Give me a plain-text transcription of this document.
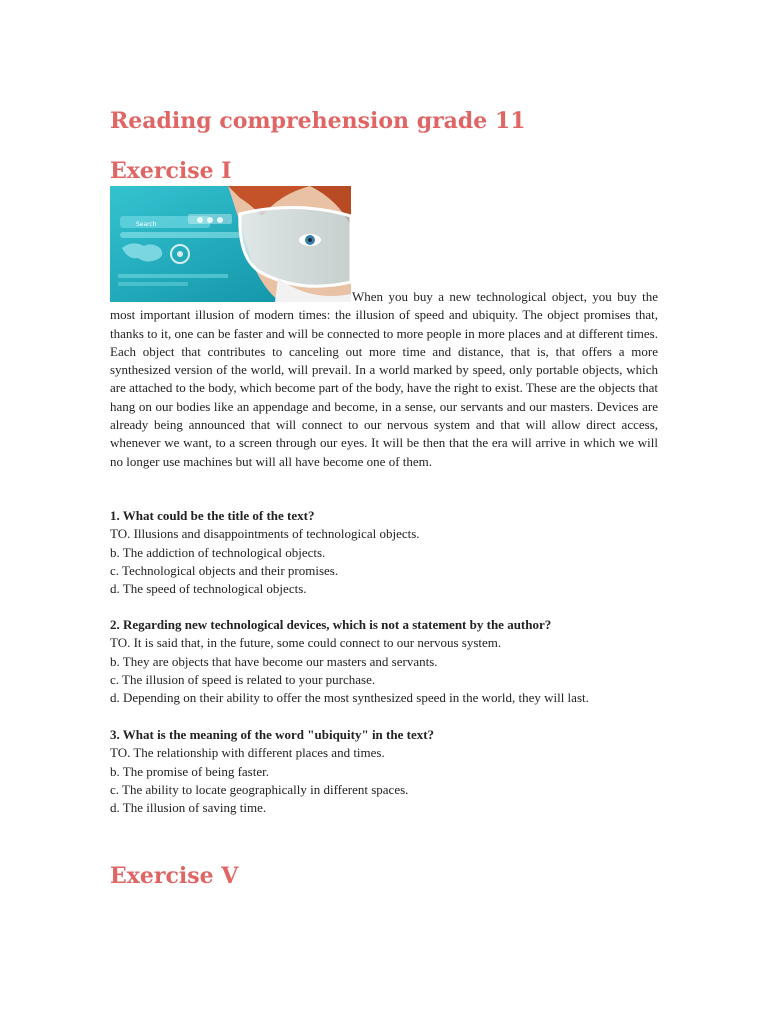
Reading comprehension grade 11
Exercise I
Search

When you buy a new technological object, you buy the most important illusion of modern times: the illusion of speed and ubiquity. The object promises that, thanks to it, one can be faster and will be connected to more people in more places and at different times. Each object that contributes to canceling out more time and distance, that is, that offers a more synthesized version of the world, will prevail. In a world marked by speed, only portable objects, which are attached to the body, which become part of the body, have the right to exist. These are the objects that hang on our bodies like an appendage and become, in a sense, our servants and our masters. Devices are already being announced that will connect to our nervous system and that will allow direct access, whenever we want, to a screen through our eyes. It will be then that the era will arrive in which we will no longer use machines but will all have become one of them.

1. What could be the title of the text?

TO. Illusions and disappointments of technological objects.

b. The addiction of technological objects.

c. Technological objects and their promises.

d. The speed of technological objects.

2. Regarding new technological devices, which is not a statement by the author?

TO. It is said that, in the future, some could connect to our nervous system.

b. They are objects that have become our masters and servants.

c. The illusion of speed is related to your purchase.

d. Depending on their ability to offer the most synthesized speed in the world, they will last.

3. What is the meaning of the word "ubiquity" in the text?

TO. The relationship with different places and times.

b. The promise of being faster.

c. The ability to locate geographically in different spaces.

d. The illusion of saving time.

Exercise V
